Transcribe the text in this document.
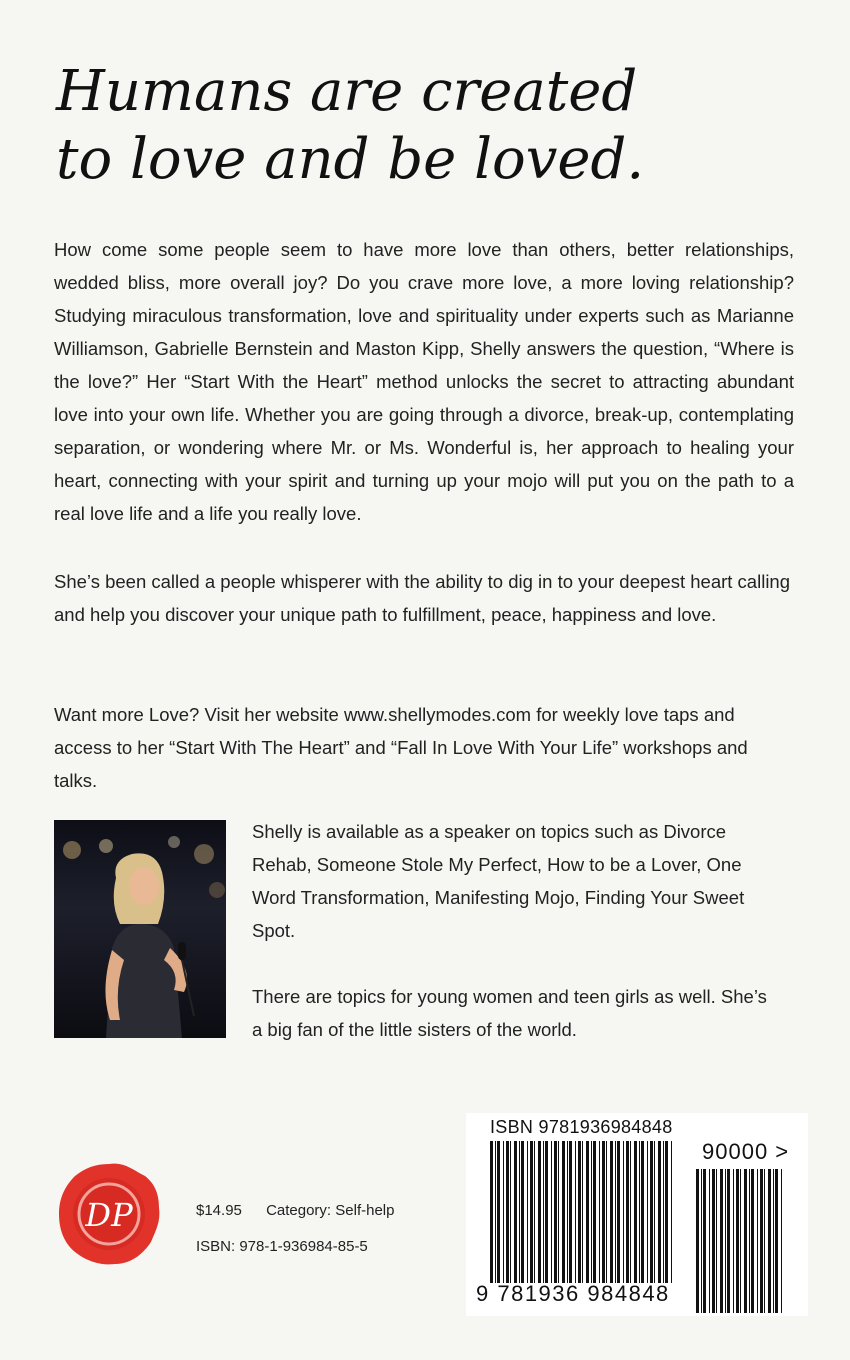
Humans are created
to love and be loved.

How come some people seem to have more love than others, better relationships, wedded bliss, more overall joy? Do you crave more love, a more loving relationship? Studying miraculous transformation, love and spirituality under experts such as Marianne Williamson, Gabrielle Bernstein and Maston Kipp, Shelly answers the question, “Where is the love?” Her “Start With the Heart” method unlocks the secret to attracting abundant love into your own life. Whether you are going through a divorce, break-up, contemplating separation, or wondering where Mr. or Ms. Wonderful is, her approach to healing your heart, connecting with your spirit and turning up your mojo will put you on the path to a real love life and a life you really love.

She’s been called a people whisperer with the ability to dig in to your deepest heart calling and help you discover your unique path to fulfillment, peace, happiness and love.

Want more Love? Visit her website www.shellymodes.com for weekly love taps and access to her “Start With The Heart” and “Fall In Love With Your Life” workshops and talks.

Shelly is available as a speaker on topics such as Divorce Rehab, Someone Stole My Perfect, How to be a Lover, One Word Transformation, Manifesting Mojo, Finding Your Sweet Spot.

There are topics for young women and teen girls as well. She’s a big fan of the little sisters of the world.

DP	$14.95 Category: Self-help
ISBN: 978-1-936984-85-5
ISBN 9781936984848
90000 >
9 781936 984848
